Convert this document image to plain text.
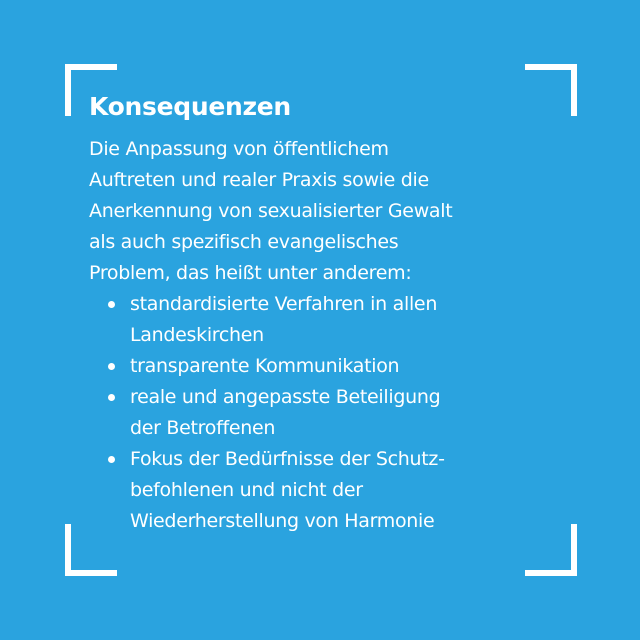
Konsequenzen

Die Anpassung von öffentlichem
Auftreten und realer Praxis sowie die
Anerkennung von sexualisierter Gewalt
als auch spezifisch evangelisches
Problem, das heißt unter anderem:

standardisierte Verfahren in allen
Landeskirchen
transparente Kommunikation
reale und angepasste Beteiligung
der Betroffenen
Fokus der Bedürfnisse der Schutz-
befohlenen und nicht der
Wiederherstellung von Harmonie
